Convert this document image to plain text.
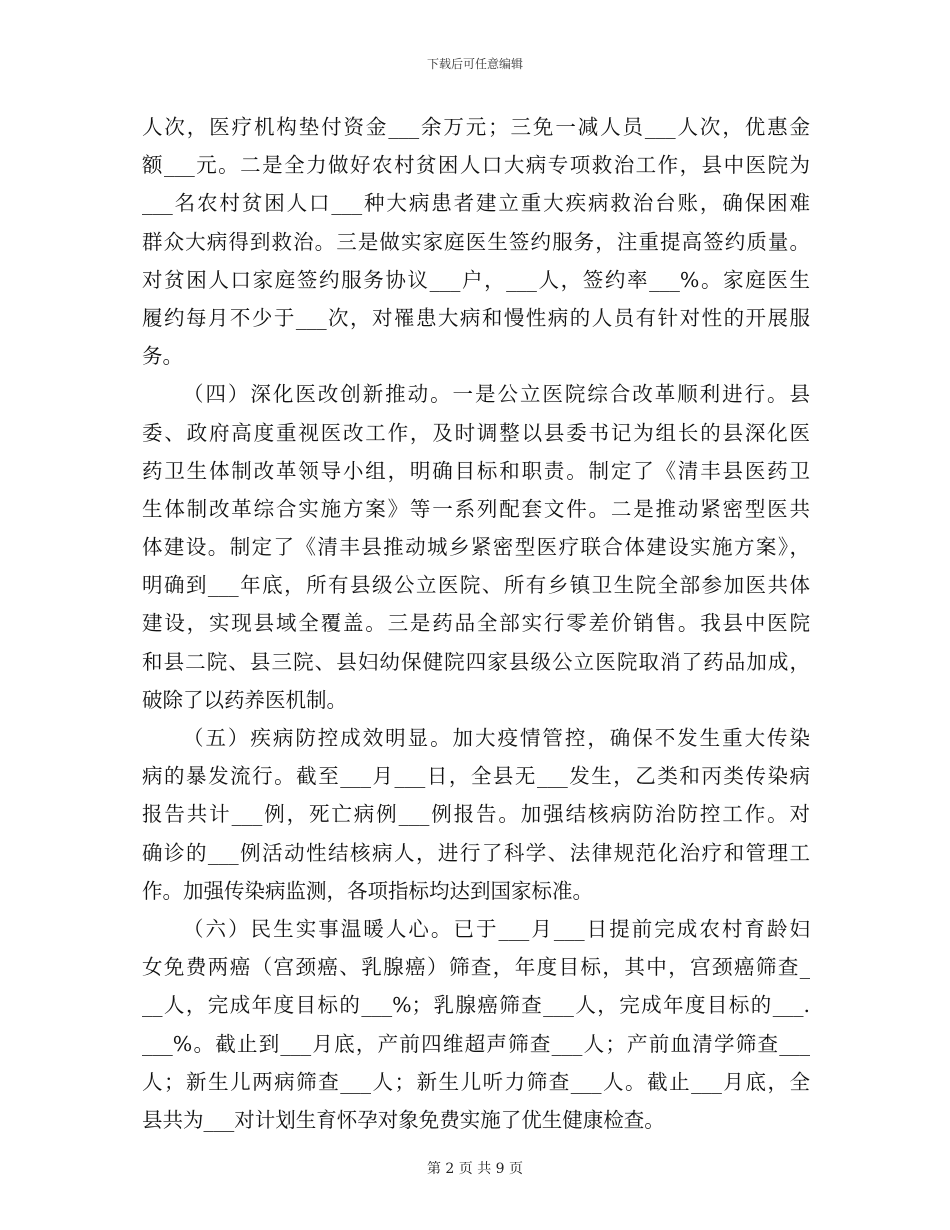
下载后可任意编辑
人次，医疗机构垫付资金___余万元；三免一减人员___人次，优惠金
额___元。二是全力做好农村贫困人口大病专项救治工作，县中医院为
___名农村贫困人口___种大病患者建立重大疾病救治台账，确保困难
群众大病得到救治。三是做实家庭医生签约服务，注重提高签约质量。
对贫困人口家庭签约服务协议___户，___人，签约率___%。家庭医生
履约每月不少于___次，对罹患大病和慢性病的人员有针对性的开展服
务。
（四）深化医改创新推动。一是公立医院综合改革顺利进行。县
委、政府高度重视医改工作，及时调整以县委书记为组长的县深化医
药卫生体制改革领导小组，明确目标和职责。制定了《清丰县医药卫
生体制改革综合实施方案》等一系列配套文件。二是推动紧密型医共
体建设。制定了《清丰县推动城乡紧密型医疗联合体建设实施方案》，
明确到___年底，所有县级公立医院、所有乡镇卫生院全部参加医共体
建设，实现县域全覆盖。三是药品全部实行零差价销售。我县中医院
和县二院、县三院、县妇幼保健院四家县级公立医院取消了药品加成，
破除了以药养医机制。
（五）疾病防控成效明显。加大疫情管控，确保不发生重大传染
病的暴发流行。截至___月___日，全县无___发生，乙类和丙类传染病
报告共计___例，死亡病例___例报告。加强结核病防治防控工作。对
确诊的___例活动性结核病人，进行了科学、法律规范化治疗和管理工
作。加强传染病监测，各项指标均达到国家标准。
（六）民生实事温暖人心。已于___月___日提前完成农村育龄妇
女免费两癌（宫颈癌、乳腺癌）筛查，年度目标，其中，宫颈癌筛查_
__人，完成年度目标的___%；乳腺癌筛查___人，完成年度目标的___.
___%。截止到___月底，产前四维超声筛查___人；产前血清学筛查___
人；新生儿两病筛查___人；新生儿听力筛查___人。截止___月底，全
县共为___对计划生育怀孕对象免费实施了优生健康检查。
第 2 页 共 9 页
